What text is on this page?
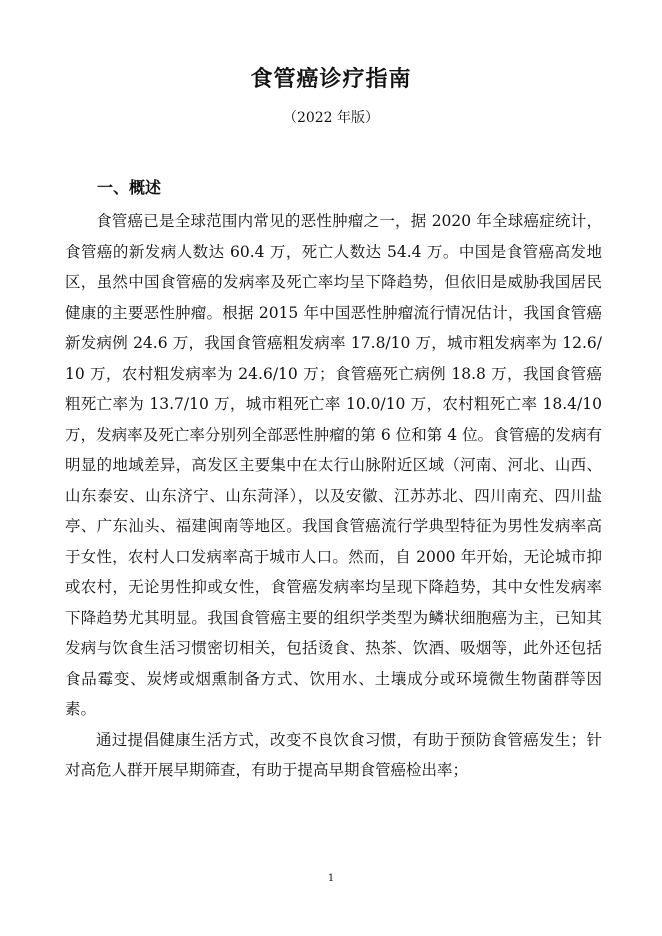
食管癌诊疗指南
（2022 年版）
一、概述

食管癌已是全球范围内常见的恶性肿瘤之一，据 2020 年全球癌症统计，食管癌的新发病人数达 60.4 万，死亡人数达 54.4 万。中国是食管癌高发地区，虽然中国食管癌的发病率及死亡率均呈下降趋势，但依旧是威胁我国居民健康的主要恶性肿瘤。根据 2015 年中国恶性肿瘤流行情况估计，我国食管癌新发病例 24.6 万，我国食管癌粗发病率 17.8/10 万，城市粗发病率为 12.6/10 万，农村粗发病率为 24.6/10 万；食管癌死亡病例 18.8 万，我国食管癌粗死亡率为 13.7/10 万，城市粗死亡率 10.0/10 万，农村粗死亡率 18.4/10 万，发病率及死亡率分别列全部恶性肿瘤的第 6 位和第 4 位。食管癌的发病有明显的地域差异，高发区主要集中在太行山脉附近区域（河南、河北、山西、山东泰安、山东济宁、山东菏泽），以及安徽、江苏苏北、四川南充、四川盐亭、广东汕头、福建闽南等地区。我国食管癌流行学典型特征为男性发病率高于女性，农村人口发病率高于城市人口。然而，自 2000 年开始，无论城市抑或农村，无论男性抑或女性，食管癌发病率均呈现下降趋势，其中女性发病率下降趋势尤其明显。我国食管癌主要的组织学类型为鳞状细胞癌为主，已知其发病与饮食生活习惯密切相关，包括烫食、热茶、饮酒、吸烟等，此外还包括食品霉变、炭烤或烟熏制备方式、饮用水、土壤成分或环境微生物菌群等因素。

通过提倡健康生活方式，改变不良饮食习惯，有助于预防食管癌发生；针对高危人群开展早期筛查，有助于提高早期食管癌检出率；

1
